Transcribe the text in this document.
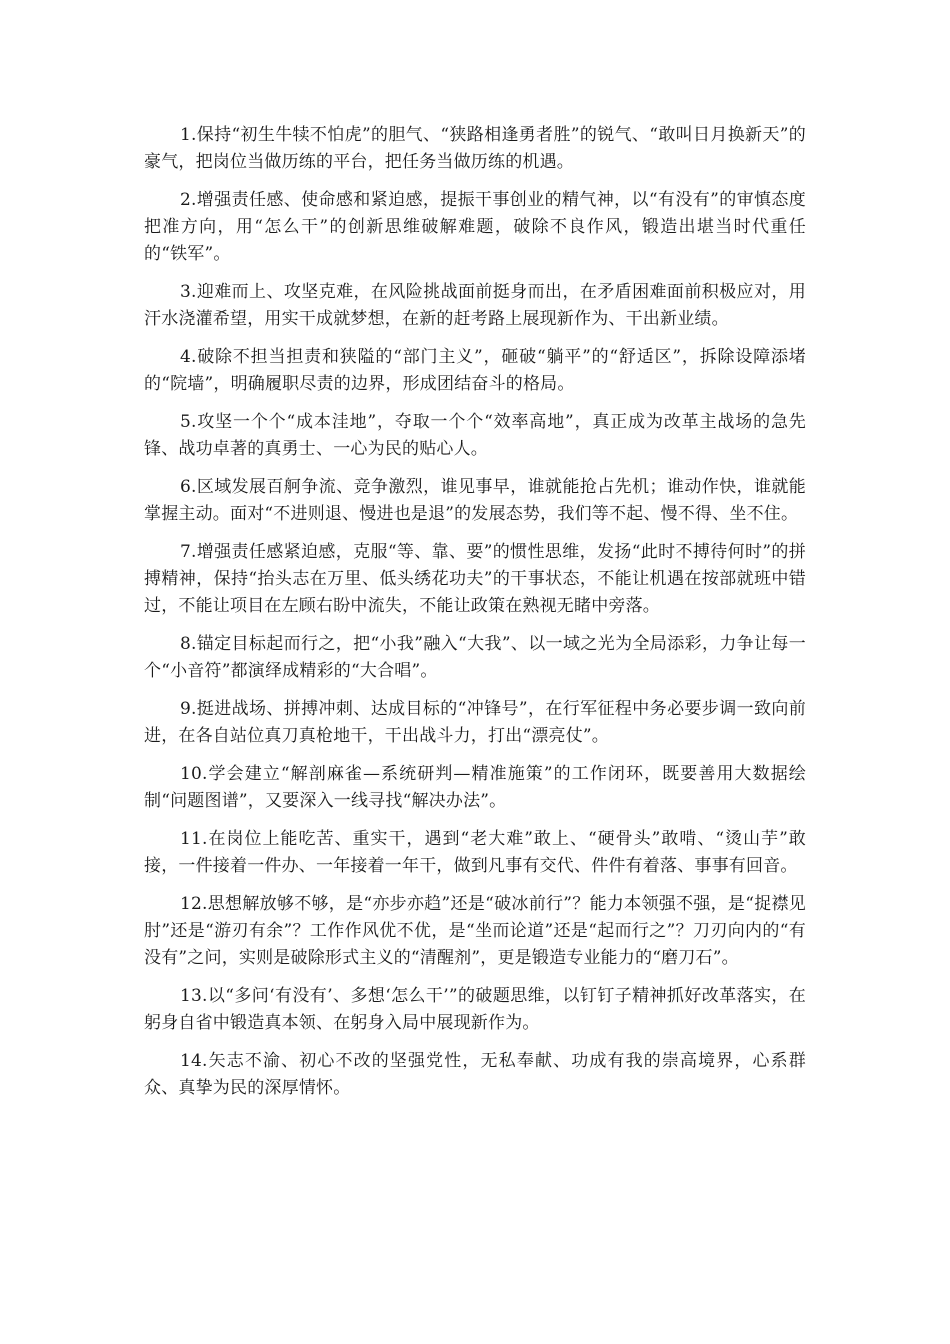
1.保持“初生牛犊不怕虎”的胆气、“狭路相逢勇者胜”的锐气、“敢叫日月换新天”的豪气，把岗位当做历练的平台，把任务当做历练的机遇。

2.增强责任感、使命感和紧迫感，提振干事创业的精气神，以“有没有”的审慎态度把准方向，用“怎么干”的创新思维破解难题，破除不良作风，锻造出堪当时代重任的“铁军”。

3.迎难而上、攻坚克难，在风险挑战面前挺身而出，在矛盾困难面前积极应对，用汗水浇灌希望，用实干成就梦想，在新的赶考路上展现新作为、干出新业绩。

4.破除不担当担责和狭隘的“部门主义”，砸破“躺平”的“舒适区”，拆除设障添堵的“院墙”，明确履职尽责的边界，形成团结奋斗的格局。

5.攻坚一个个“成本洼地”，夺取一个个“效率高地”，真正成为改革主战场的急先锋、战功卓著的真勇士、一心为民的贴心人。

6.区域发展百舸争流、竞争激烈，谁见事早，谁就能抢占先机；谁动作快，谁就能掌握主动。面对“不进则退、慢进也是退”的发展态势，我们等不起、慢不得、坐不住。

7.增强责任感紧迫感，克服“等、靠、要”的惯性思维，发扬“此时不搏待何时”的拼搏精神，保持“抬头志在万里、低头绣花功夫”的干事状态，不能让机遇在按部就班中错过，不能让项目在左顾右盼中流失，不能让政策在熟视无睹中旁落。

8.锚定目标起而行之，把“小我”融入“大我”、以一域之光为全局添彩，力争让每一个“小音符”都演绎成精彩的“大合唱”。

9.挺进战场、拼搏冲刺、达成目标的“冲锋号”，在行军征程中务必要步调一致向前进，在各自站位真刀真枪地干，干出战斗力，打出“漂亮仗”。

10.学会建立“解剖麻雀—系统研判—精准施策”的工作闭环，既要善用大数据绘制“问题图谱”，又要深入一线寻找“解决办法”。

11.在岗位上能吃苦、重实干，遇到“老大难”敢上、“硬骨头”敢啃、“烫山芋”敢接，一件接着一件办、一年接着一年干，做到凡事有交代、件件有着落、事事有回音。

12.思想解放够不够，是“亦步亦趋”还是“破冰前行”？能力本领强不强，是“捉襟见肘”还是“游刃有余”？工作作风优不优，是“坐而论道”还是“起而行之”？刀刃向内的“有没有”之问，实则是破除形式主义的“清醒剂”，更是锻造专业能力的“磨刀石”。

13.以“多问‘有没有’、多想‘怎么干’”的破题思维，以钉钉子精神抓好改革落实，在躬身自省中锻造真本领、在躬身入局中展现新作为。

14.矢志不渝、初心不改的坚强党性，无私奉献、功成有我的崇高境界，心系群众、真挚为民的深厚情怀。
